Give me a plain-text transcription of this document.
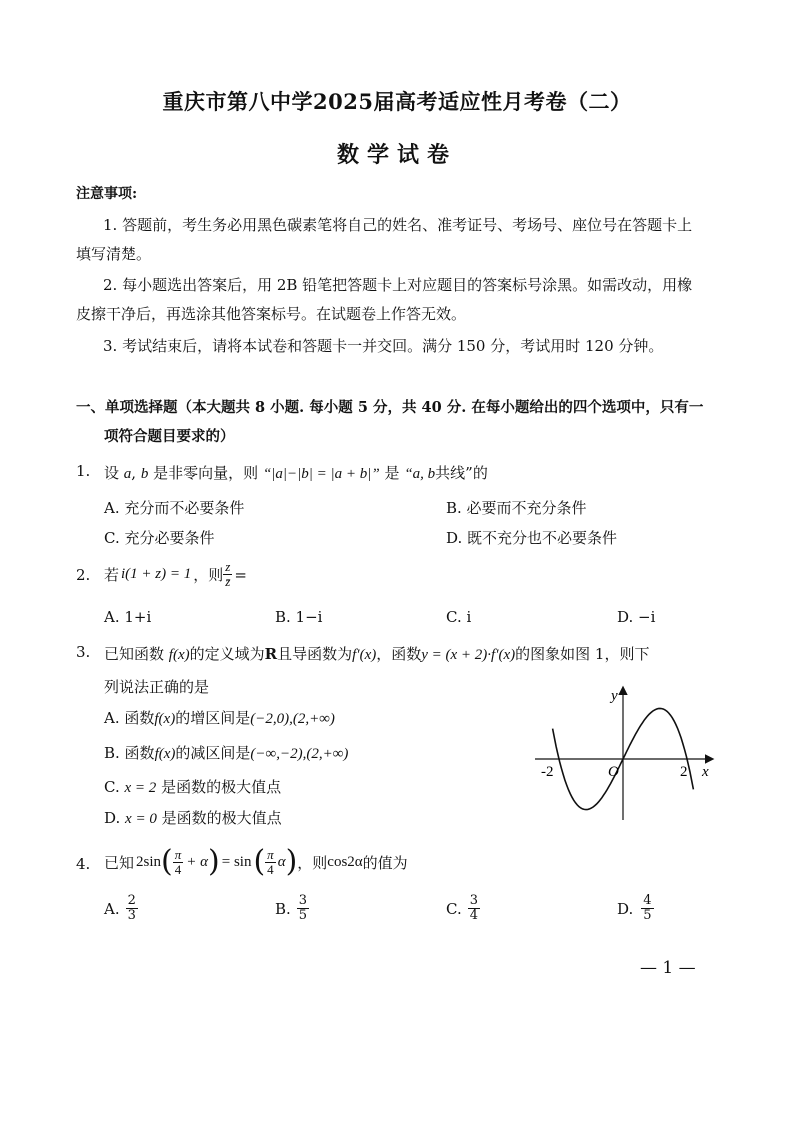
重庆市第八中学2025届高考适应性月考卷（二）
数学试卷
注意事项:
1. 答题前，考生务必用黑色碳素笔将自己的姓名、准考证号、考场号、座位号在答题卡上
填写清楚。
2. 每小题选出答案后，用 2B 铅笔把答题卡上对应题目的答案标号涂黑。如需改动，用橡
皮擦干净后，再选涂其他答案标号。在试题卷上作答无效。
3. 考试结束后，请将本试卷和答题卡一并交回。满分 150 分，考试用时 120 分钟。
一、单项选择题（本大题共 8 小题. 每小题 5 分，共 40 分. 在每小题给出的四个选项中，只有一
项符合题目要求的）
1. 设 a, b 是非零向量，则 “|a|−|b| = |a + b|” 是 “a, b共线”的
A. 充分而不必要条件	B. 必要而不充分条件
C. 充分必要条件	D. 既不充分也不必要条件
2. 若 i(1 + z) = 1 ，则 $\frac{z}{z̄}$ =
A. 1+i	B. 1−i	C. i	D. −i
3. 已知函数 f(x)的定义域为R且导函数为f′(x)，函数y = (x + 2)·f′(x)的图象如图 1，则下
列说法正确的是
A. 函数f(x)的增区间是(−2,0),(2,+∞)
B. 函数f(x)的减区间是(−∞,−2),(2,+∞)
C. x = 2 是函数的极大值点
D. x = 0 是函数的极大值点
y
x
-2	O	2
4. 已知 2sin ( $\frac{\pi}{4} + \alpha$ ) = sin ( $\frac{\pi}{4}$ α ) ，则 cos2α 的值为
A. $\frac{2}{3}$	B. $\frac{3}{5}$	C. $\frac{3}{4}$	D. $\frac{4}{5}$
— 1 —
